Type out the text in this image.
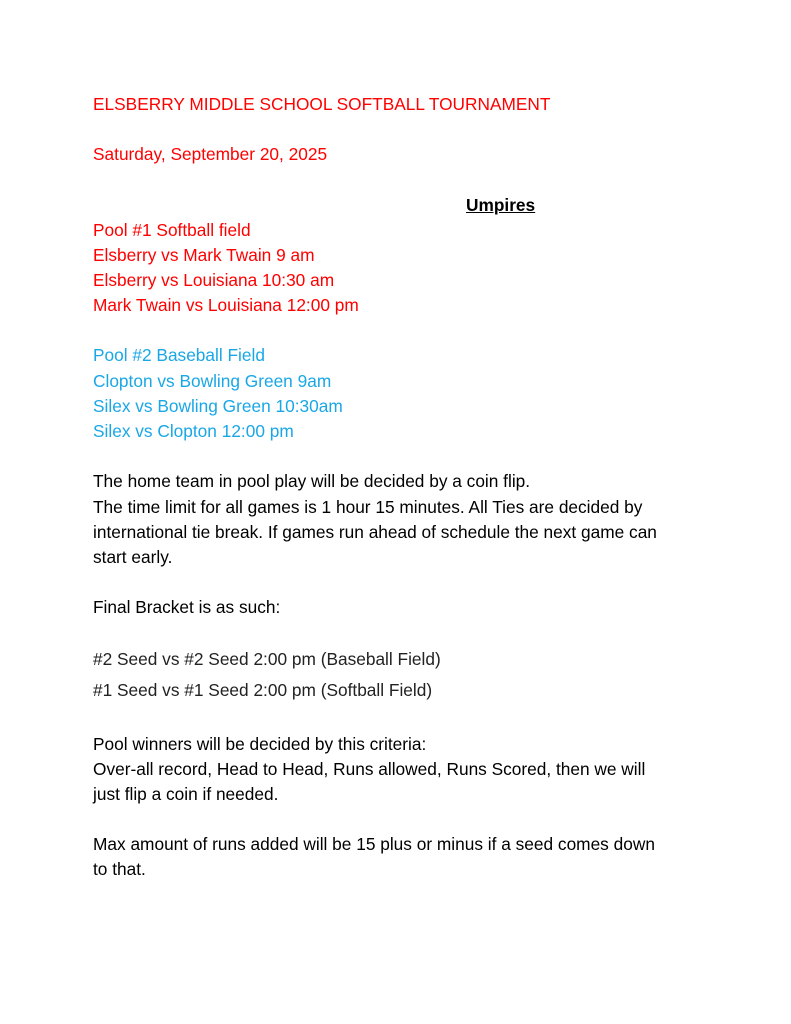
ELSBERRY MIDDLE SCHOOL SOFTBALL TOURNAMENT
Saturday, September 20, 2025
Umpires
Pool #1 Softball field
Elsberry vs Mark Twain 9 am
Elsberry vs Louisiana 10:30 am
Mark Twain vs Louisiana 12:00 pm
Pool #2 Baseball Field
Clopton vs Bowling Green 9am
Silex vs Bowling Green 10:30am
Silex vs Clopton 12:00 pm
The home team in pool play will be decided by a coin flip.
The time limit for all games is 1 hour 15 minutes. All Ties are decided by
international tie break. If games run ahead of schedule the next game can
start early.
Final Bracket is as such:
#2 Seed vs #2 Seed 2:00 pm (Baseball Field)
#1 Seed vs #1 Seed 2:00 pm (Softball Field)
Pool winners will be decided by this criteria:
Over-all record, Head to Head, Runs allowed, Runs Scored, then we will
just flip a coin if needed.
Max amount of runs added will be 15 plus or minus if a seed comes down
to that.
